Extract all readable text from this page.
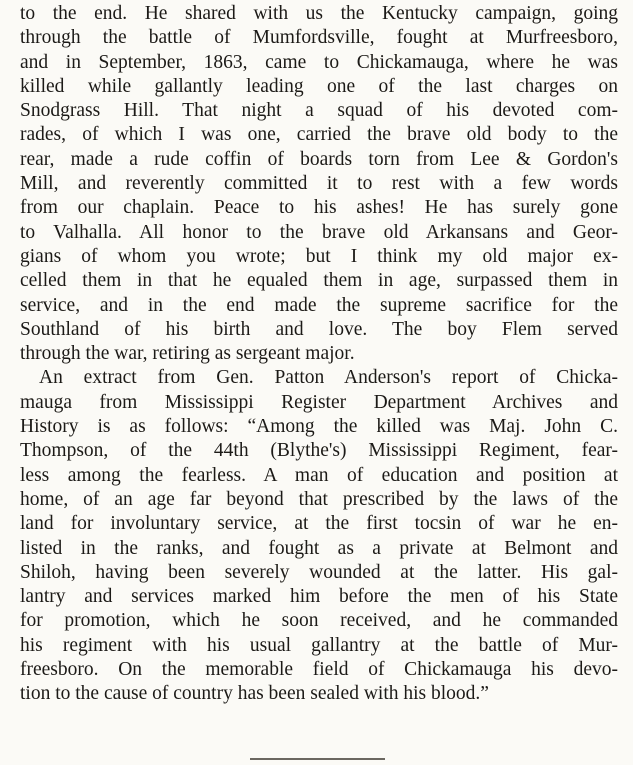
to the end. He shared with us the Kentucky campaign, going
through the battle of Mumfordsville, fought at Murfreesboro,
and in September, 1863, came to Chickamauga, where he was
killed while gallantly leading one of the last charges on
Snodgrass Hill. That night a squad of his devoted com-
rades, of which I was one, carried the brave old body to the
rear, made a rude coffin of boards torn from Lee & Gordon's
Mill, and reverently committed it to rest with a few words
from our chaplain. Peace to his ashes! He has surely gone
to Valhalla. All honor to the brave old Arkansans and Geor-
gians of whom you wrote; but I think my old major ex-
celled them in that he equaled them in age, surpassed them in
service, and in the end made the supreme sacrifice for the
Southland of his birth and love. The boy Flem served
through the war, retiring as sergeant major.
An extract from Gen. Patton Anderson's report of Chicka-
mauga from Mississippi Register Department Archives and
History is as follows: “Among the killed was Maj. John C.
Thompson, of the 44th (Blythe's) Mississippi Regiment, fear-
less among the fearless. A man of education and position at
home, of an age far beyond that prescribed by the laws of the
land for involuntary service, at the first tocsin of war he en-
listed in the ranks, and fought as a private at Belmont and
Shiloh, having been severely wounded at the latter. His gal-
lantry and services marked him before the men of his State
for promotion, which he soon received, and he commanded
his regiment with his usual gallantry at the battle of Mur-
freesboro. On the memorable field of Chickamauga his devo-
tion to the cause of country has been sealed with his blood.”
